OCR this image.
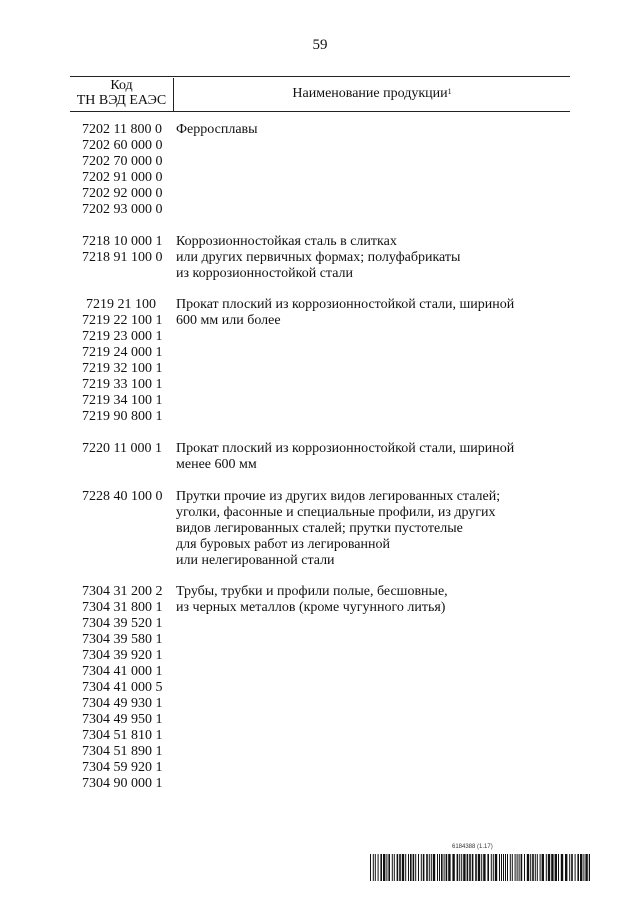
59
Код
ТН ВЭД ЕАЭС	Наименование продукции$^1$
7202 11 800 0
7202 60 000 0
7202 70 000 0
7202 91 000 0
7202 92 000 0
7202 93 000 0
Ферросплавы
7218 10 000 1
7218 91 100 0
Коррозионностойкая сталь в слитках
или других первичных формах; полуфабрикаты
из коррозионностойкой стали
7219 21 100
7219 22 100 1
7219 23 000 1
7219 24 000 1
7219 32 100 1
7219 33 100 1
7219 34 100 1
7219 90 800 1
Прокат плоский из коррозионностойкой стали, шириной
600 мм или более
7220 11 000 1	Прокат плоский из коррозионностойкой стали, шириной
менее 600 мм
7228 40 100 0 Прутки прочие из других видов легированных сталей;
уголки, фасонные и специальные профили, из других
видов легированных сталей; прутки пустотелые
для буровых работ из легированной
или нелегированной стали
7304 31 200 2
7304 31 800 1
7304 39 520 1
7304 39 580 1
7304 39 920 1
7304 41 000 1
7304 41 000 5
7304 49 930 1
7304 49 950 1
7304 51 810 1
7304 51 890 1
7304 59 920 1
7304 90 000 1
Трубы, трубки и профили полые, бесшовные,
из черных металлов (кроме чугунного литья)
6184388 (1.17)
